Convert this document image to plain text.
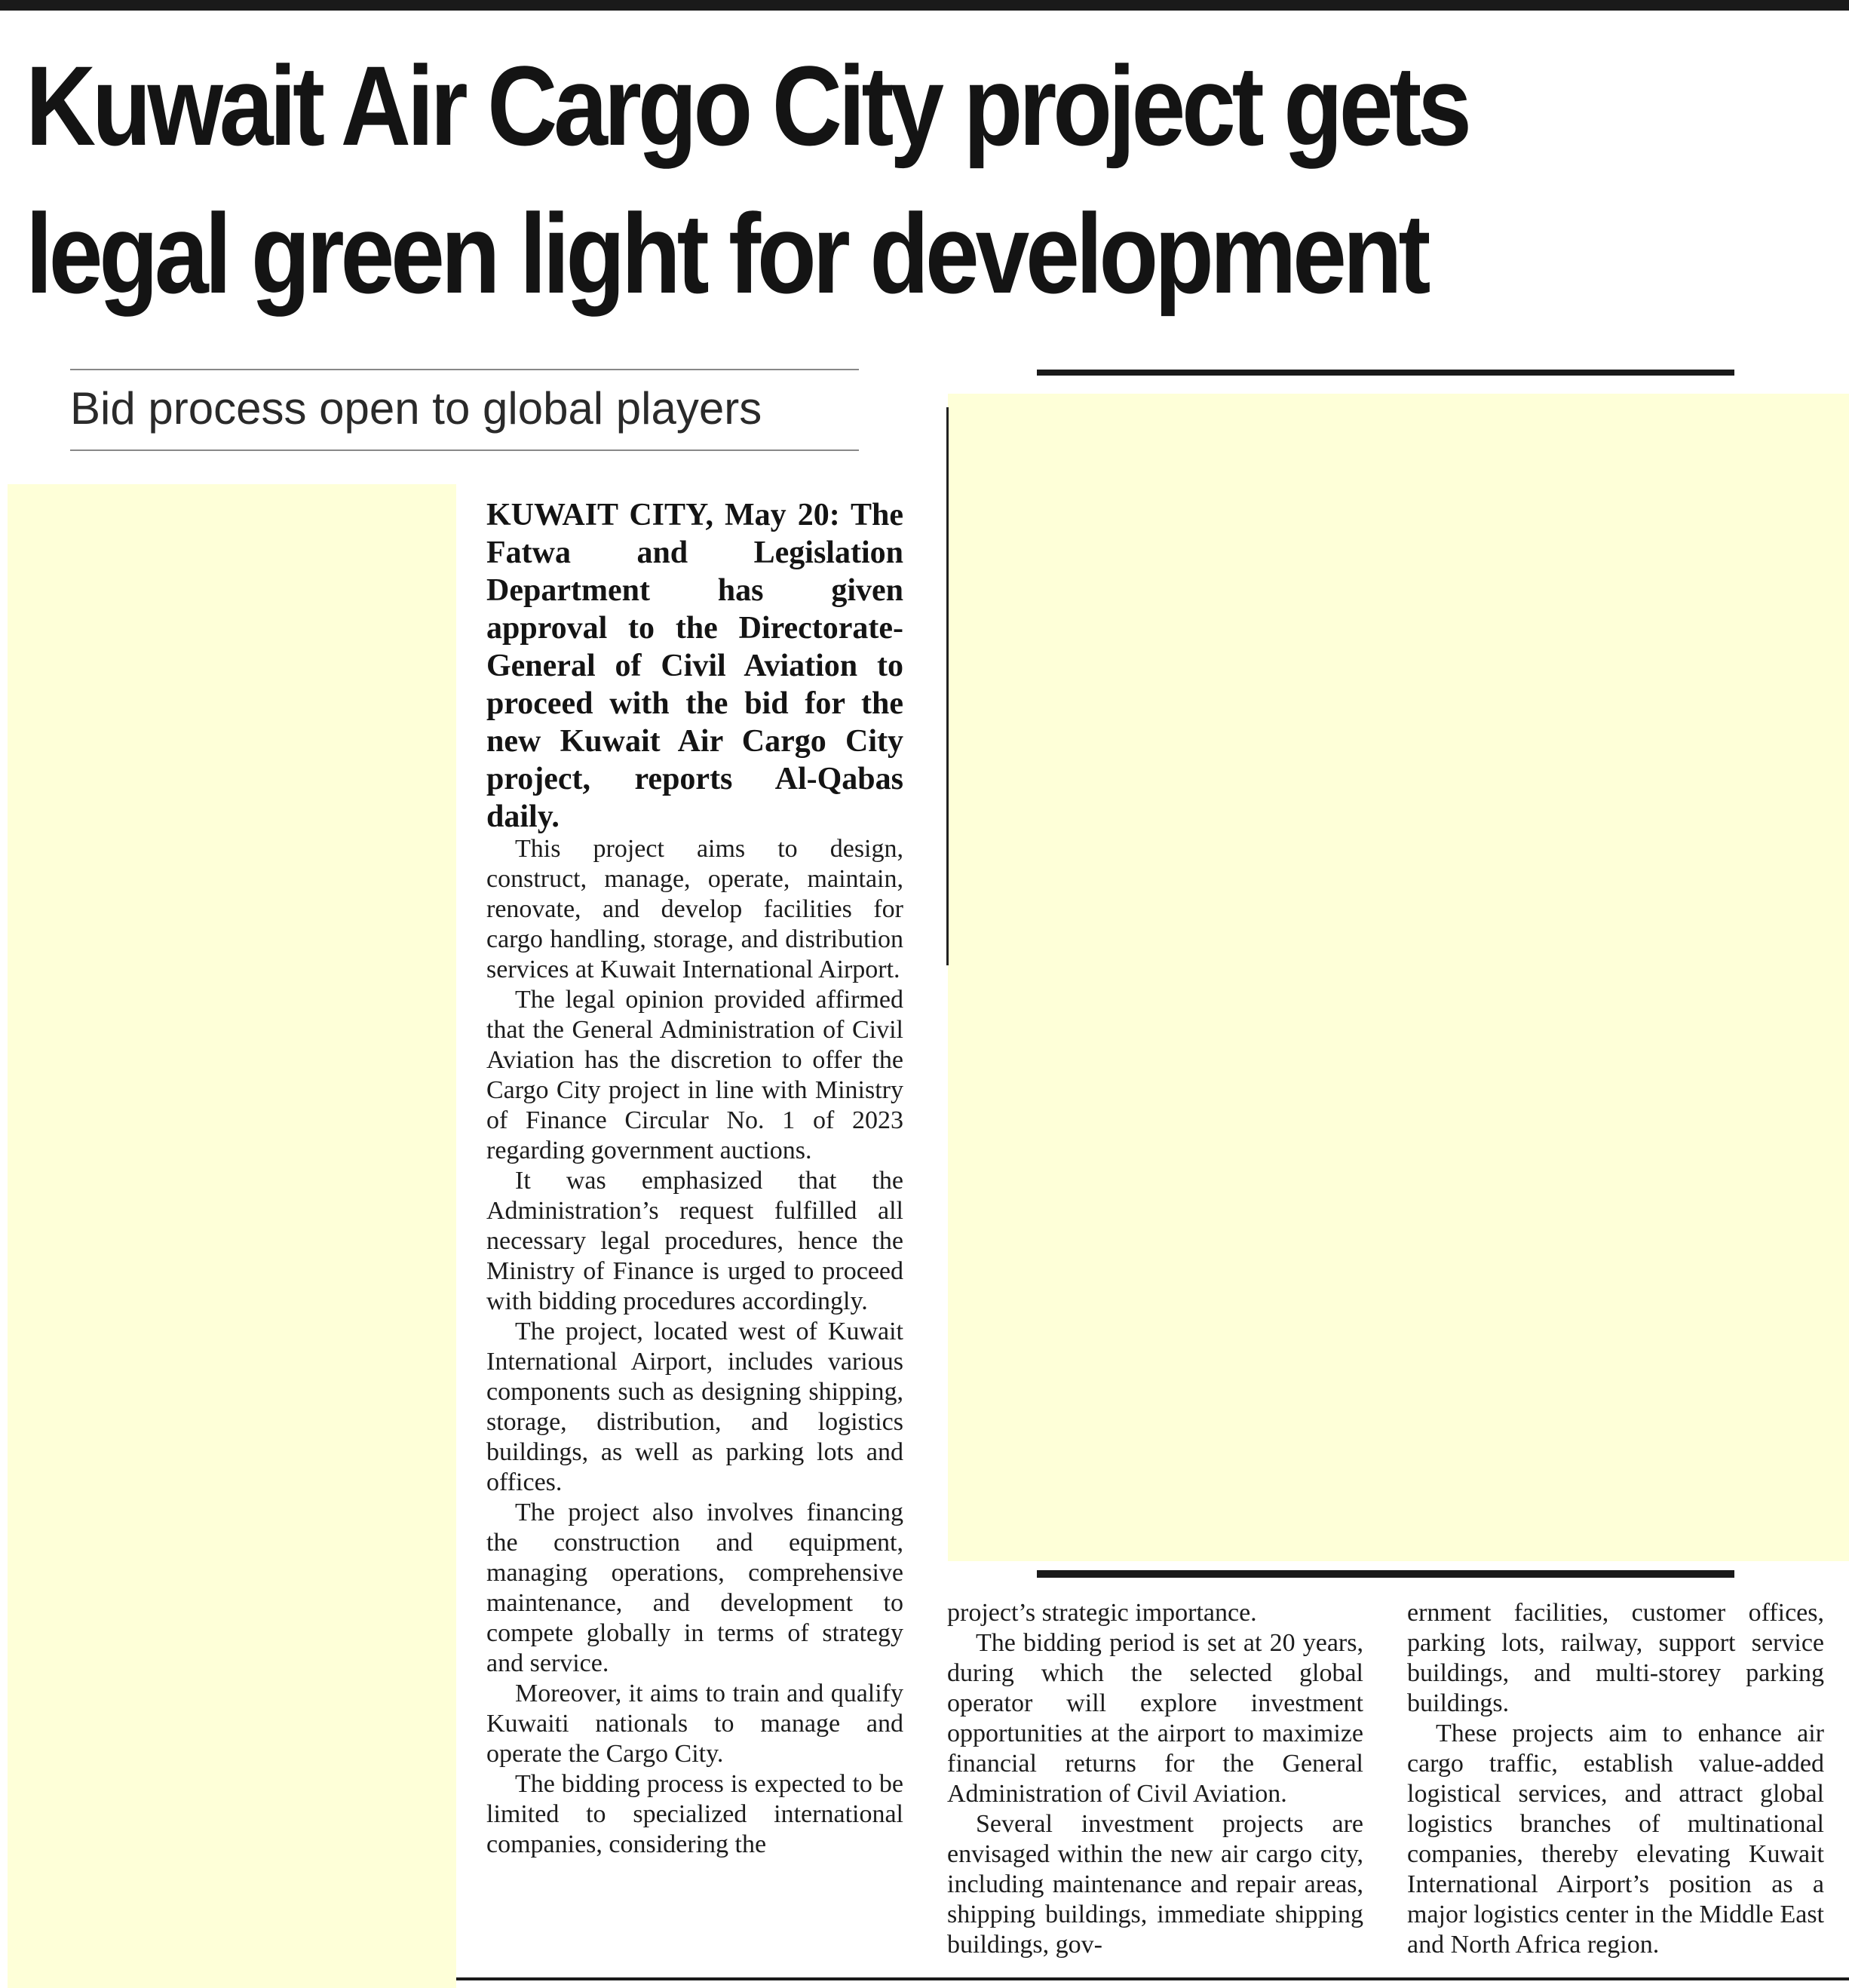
Kuwait Air Cargo City project gets
legal green light for development
Bid process open to global players
KUWAIT CITY, May 20: The Fatwa and Legislation Department has given approval to the Directorate-General of Civil Aviation to proceed with the bid for the new Kuwait Air Cargo City project, reports Al-Qabas daily.

This project aims to design, construct, manage, operate, maintain, renovate, and develop facilities for cargo handling, storage, and distribution services at Kuwait International Airport.

The legal opinion provided affirmed that the General Administration of Civil Aviation has the discretion to offer the Cargo City project in line with Ministry of Finance Circular No. 1 of 2023 regarding government auctions.

It was emphasized that the Administration’s request fulfilled all necessary legal procedures, hence the Ministry of Finance is urged to proceed with bidding procedures accordingly.

The project, located west of Kuwait International Airport, includes various components such as designing shipping, storage, distribution, and logistics buildings, as well as parking lots and offices.

The project also involves financing the construction and equipment, managing operations, comprehensive maintenance, and development to compete globally in terms of strategy and service.

Moreover, it aims to train and qualify Kuwaiti nationals to manage and operate the Cargo City.

The bidding process is expected to be limited to specialized international companies, considering the

project’s strategic importance.

The bidding period is set at 20 years, during which the selected global operator will explore investment opportunities at the airport to maximize financial returns for the General Administration of Civil Aviation.

Several investment projects are envisaged within the new air cargo city, including maintenance and repair areas, shipping buildings, immediate shipping buildings, gov-

ernment facilities, customer offices, parking lots, railway, support service buildings, and multi-storey parking buildings.

These projects aim to enhance air cargo traffic, establish value-added logistical services, and attract global logistics branches of multinational companies, thereby elevating Kuwait International Airport’s position as a major logistics center in the Middle East and North Africa region.
